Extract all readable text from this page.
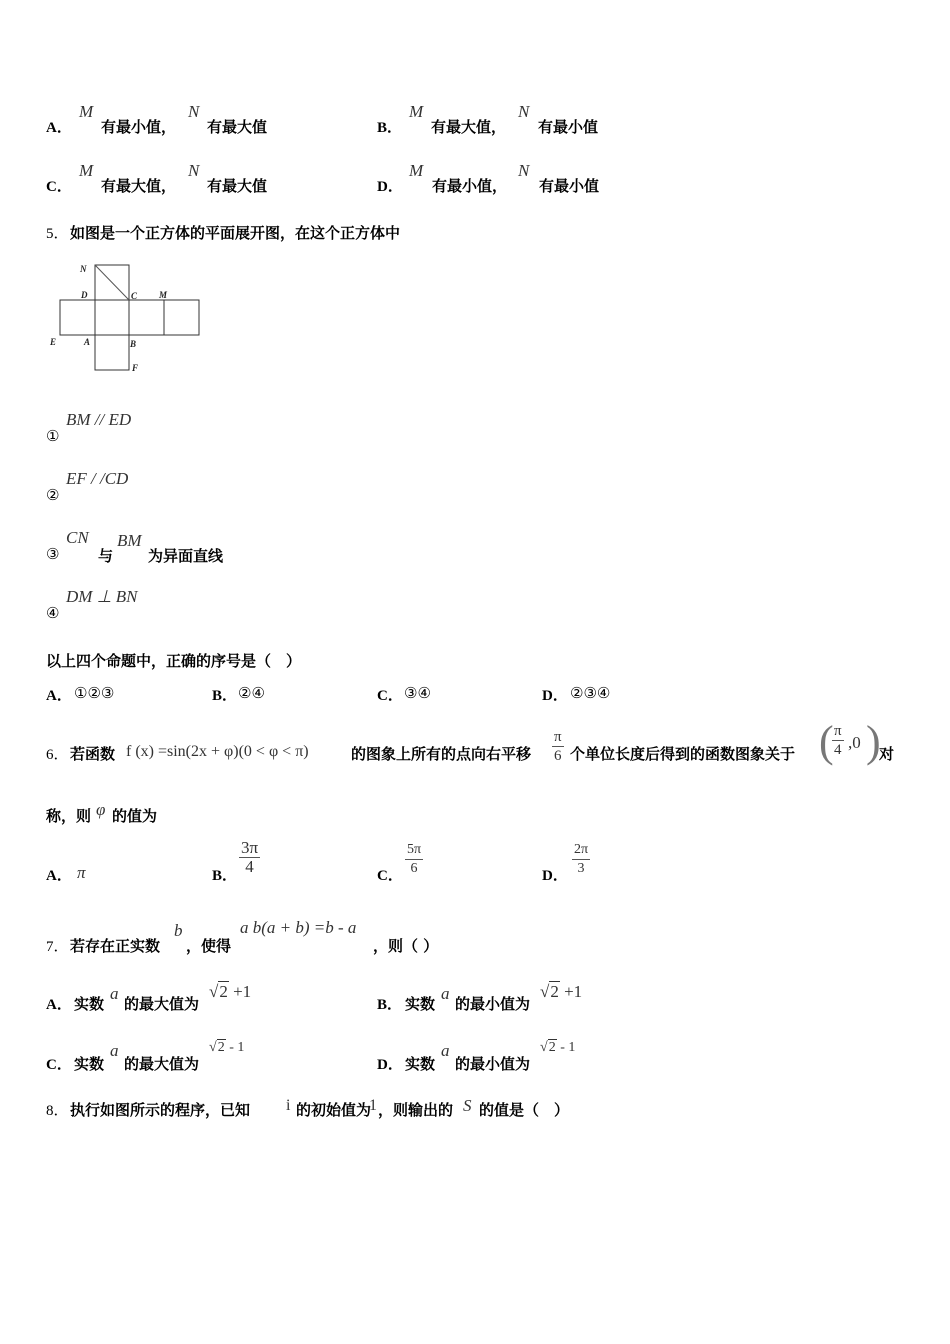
A．
M
有最小值，
N
有最大值	B．
M
有最大值，
N
有最小值
C．
M
有最大值，
N
有最大值	D．
M
有最小值，
N
有最小值
5． 如图是一个正方体的平面展开图，在这个正方体中
N
D	C M
E	A	B
F
①
BM // ED
②
EF / /CD
③
CN
与
BM
为异面直线
④
DM ⊥ BN
以上四个命题中，正确的序号是（　）
A． ①②③	B． ②④	C． ③④	D． ②③④
6． 若函数 f (x) =sin(2x + φ)(0 < φ < π)	的图象上所有的点向右平移 $\frac{\pi}{6}$ 个单位长度后得到的函数图象关于 (
$\frac{\pi}{4} ,0$ )
对
称，则 φ 的值为
A． π	B． $\frac{3\pi}{4}$	C． $\frac{5\pi}{6}$	D． $\frac{2\pi}{3}$
7． 若存在正实数
b
，使得
a b(a + b) =b - a
，则（ ）
A． 实数
a
的最大值为
√2 +1
B． 实数
a
的最小值为
√2 +1
C． 实数
a
的最大值为
√2 - 1
D． 实数
a
的最小值为
√2 - 1
8． 执行如图所示的程序，已知 i 的初始值为
1 ，则输出的 S 的值是（　）
